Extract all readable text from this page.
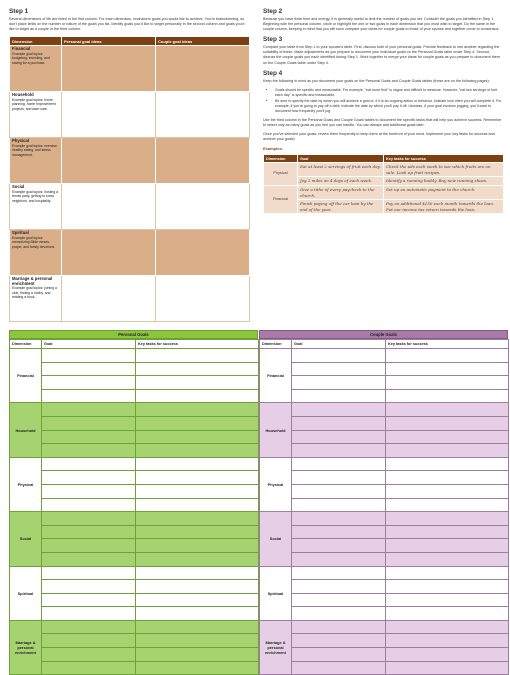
Step 1

Several dimensions of life are listed in the first column. For each dimension, brainstorm goals you would like to achieve. You're brainstorming, so don't place limits on the number or nature of the goals you list. Identify goals you'd like to target personally in the second column and goals you'd like to target as a couple in the third column.

Dimension	Personal goal ideas	Couple goal ideas

Financial
Example goal topics: budgeting, investing, and saving for a purchase.		

Household
Example goal topics: home, planning, home improvement projects, and lawn care.		

Physical
Example goal topics: exercise, healthy eating, and stress management.		

Social
Example goal topics: hosting a tennis party, getting to know neighbors, and hospitality.		

Spiritual
Example goal topics: memorizing Bible verses, prayer, and family devotions.		

Marriage & personal enrichment
Example goal topics: joining a club, finding a hobby, and reading a book.		
Step 2

Because you have finite time and energy, it is generally useful to limit the number of goals you set. Consider the goals you identified in Step 1. Beginning with the personal column, circle or highlight the one or two goals in each dimension that you most wish to target. Do the same in the couple column, keeping in mind that you will soon compare your ideas for couple goals to those of your spouse and together come to consensus.

Step 3

Compare your table from Step 1 to your spouse's table. First, discuss both of your personal goals. Provide feedback to one another regarding the suitability of these. Make adjustments as you prepare to document your individual goals on the Personal Goals table under Step 4. Second, discuss the couple goals you each identified during Step 1. Work together to merge your ideas for couple goals as you prepare to document them on the Couple Goals table under Step 4.

Step 4

Keep the following in mind as you document your goals on the Personal Goals and Couple Goals tables (these are on the following pages):

• Goals should be specific and measurable. For example, "eat more fruit" is vague and difficult to measure. However, "eat two servings of fruit each day" is specific and measurable.
• Be sure to specify the date by which you will achieve a goal or, if it is an ongoing action or behavior, indicate how often you will complete it. For example, if you're going to pay off a debt, indicate the date by which you'll pay it off. Likewise, if your goal involves jogging, you'll want to document how frequently you'll jog.

Use the third column in the Personal Goals and Couple Goals tables to document the specific tasks that will help you achieve success. Remember to select only as many goals as you feel you can handle. You can always add additional goals later.

Once you've selected your goals, review them frequently to keep them at the forefront of your mind. Implement your key tasks for success and achieve your goals!

Examples:
Dimension	Goal	Key tasks for success
Physical	Eat at least 2 servings of fruit each day.	Check the ads each week to see which fruits are on sale. Look up fruit recipes.
	Jog 2 miles on 4 days of each week.	Identify a running buddy. Buy new running shoes.
Financial	Give a tithe of every paycheck to the church.	Set up an automatic payment to the church.
	Finish paying off the car loan by the end of the year.	Pay an additional $150 each month towards the loan. Put our income tax return towards the loan.
Personal Goals
Dimension	Goal	Key tasks for success
Financial		

Household		

Physical		

Social		

Spiritual		

Marriage & personal enrichment		

Couple Goals
Dimension	Goal	Key tasks for success
Financial		

Household		

Physical		

Social		

Spiritual		

Marriage & personal enrichment		
